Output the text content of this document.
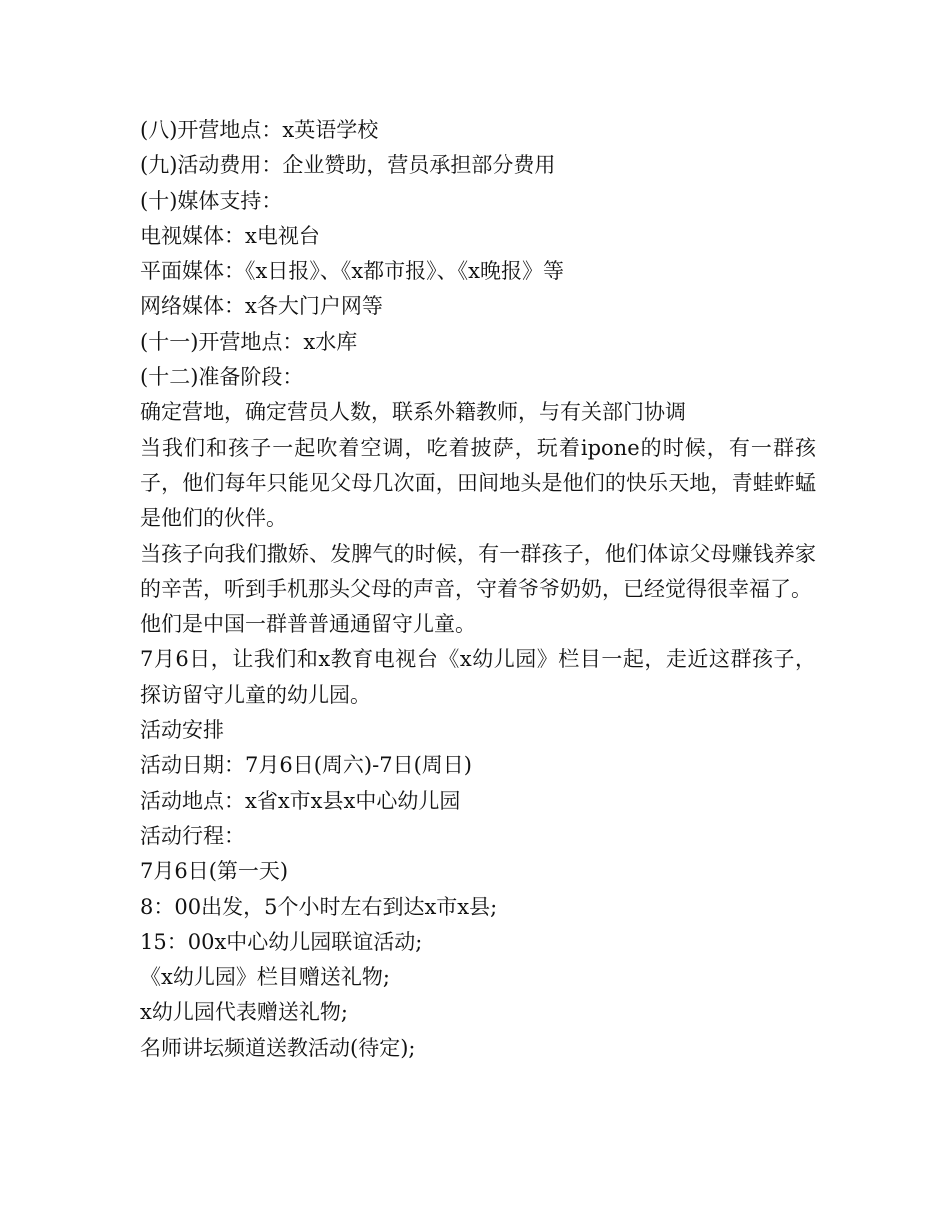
(八)开营地点：x英语学校

(九)活动费用：企业赞助，营员承担部分费用

(十)媒体支持：

电视媒体：x电视台

平面媒体：《x日报》、《x都市报》、《x晚报》等

网络媒体：x各大门户网等

(十一)开营地点：x水库

(十二)准备阶段：

确定营地，确定营员人数，联系外籍教师，与有关部门协调

当我们和孩子一起吹着空调，吃着披萨，玩着ipone的时候，有一群孩子，他们每年只能见父母几次面，田间地头是他们的快乐天地，青蛙蚱蜢是他们的伙伴。

当孩子向我们撒娇、发脾气的时候，有一群孩子，他们体谅父母赚钱养家的辛苦，听到手机那头父母的声音，守着爷爷奶奶，已经觉得很幸福了。

他们是中国一群普普通通留守儿童。

7月6日，让我们和x教育电视台《x幼儿园》栏目一起，走近这群孩子，探访留守儿童的幼儿园。

活动安排

活动日期：7月6日(周六)-7日(周日)

活动地点：x省x市x县x中心幼儿园

活动行程：

7月6日(第一天)

8：00出发，5个小时左右到达x市x县;

15：00x中心幼儿园联谊活动;

《x幼儿园》栏目赠送礼物;

x幼儿园代表赠送礼物;

名师讲坛频道送教活动(待定);
